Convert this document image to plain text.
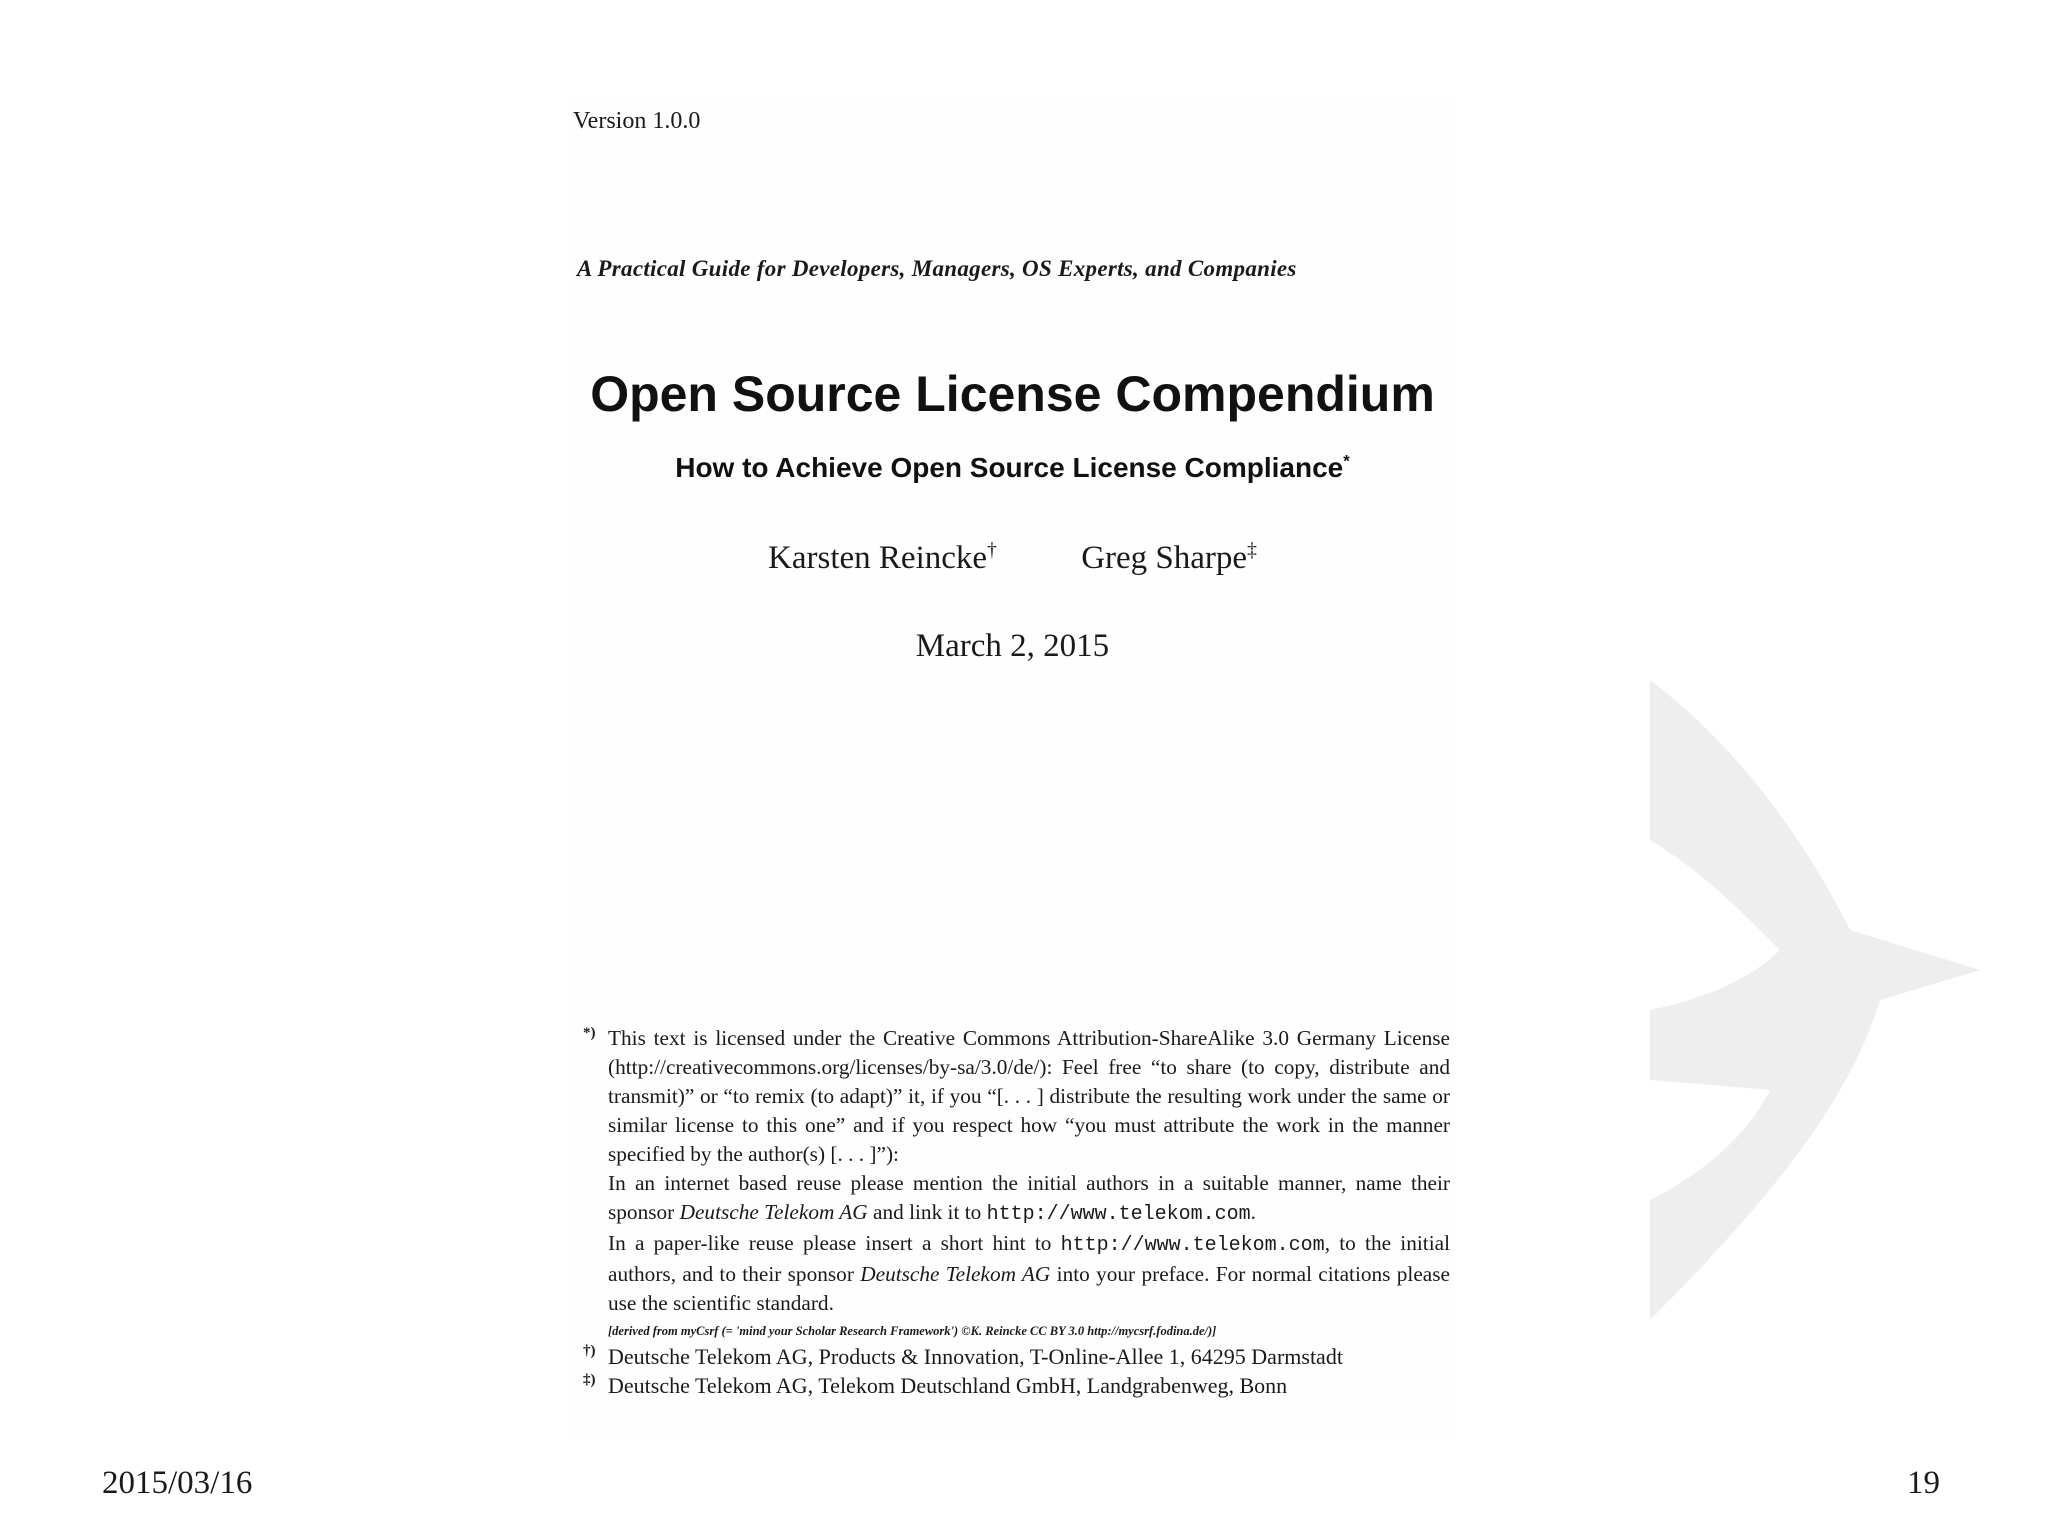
Version 1.0.0
A Practical Guide for Developers, Managers, OS Experts, and Companies
Open Source License Compendium
How to Achieve Open Source License Compliance*
Karsten Reincke†	Greg Sharpe‡
March 2, 2015
*) This text is licensed under the Creative Commons Attribution-ShareAlike 3.0 Germany License (http://creativecommons.org/licenses/by-sa/3.0/de/): Feel free “to share (to copy, distribute and transmit)” or “to remix (to adapt)” it, if you “[. . . ] distribute the resulting work under the same or similar license to this one” and if you respect how “you must attribute the work in the manner specified by the author(s) [. . . ]”):
In an internet based reuse please mention the initial authors in a suitable manner, name their sponsor Deutsche Telekom AG and link it to http://www.telekom.com.
In a paper-like reuse please insert a short hint to http://www.telekom.com, to the initial authors, and to their sponsor Deutsche Telekom AG into your preface. For normal citations please use the scientific standard.
[derived from myCsrf (= 'mind your Scholar Research Framework') ©K. Reincke CC BY 3.0 http://mycsrf.fodina.de/)]
†) Deutsche Telekom AG, Products & Innovation, T-Online-Allee 1, 64295 Darmstadt
‡) Deutsche Telekom AG, Telekom Deutschland GmbH, Landgrabenweg, Bonn
2015/03/16	19
